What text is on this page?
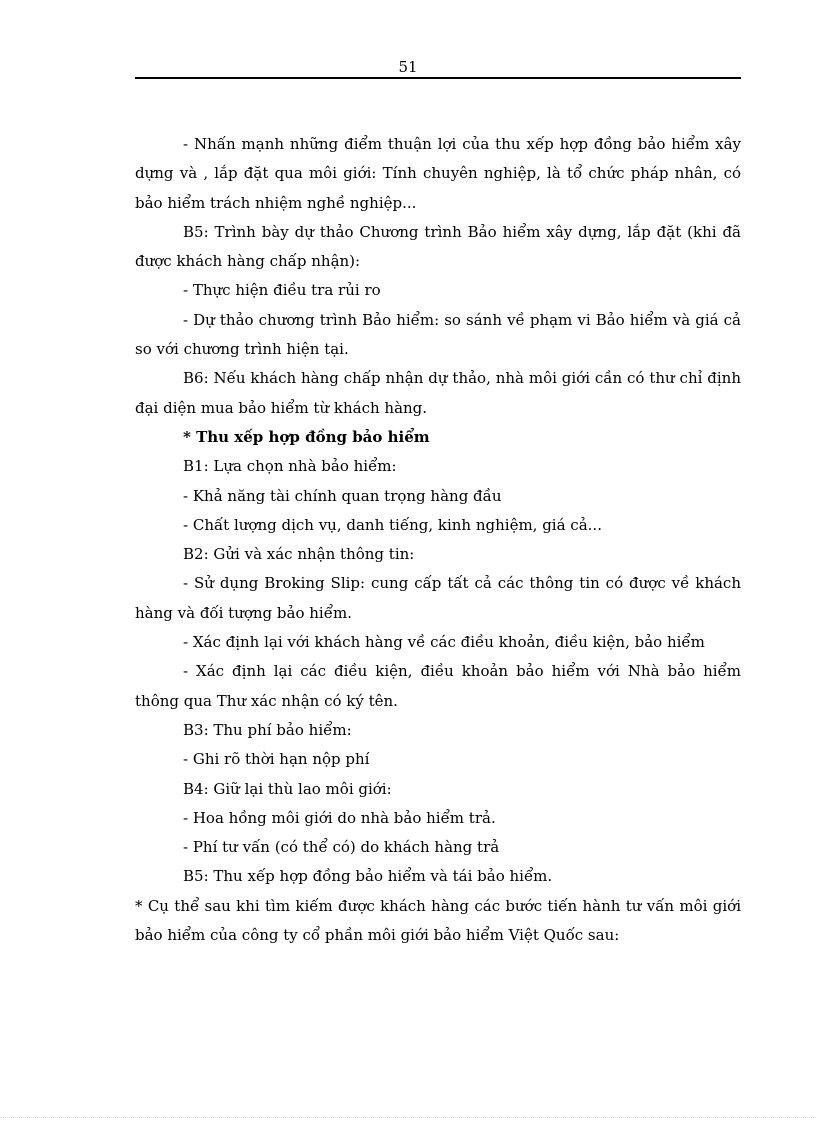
51

- Nhấn mạnh những điểm thuận lợi của thu xếp hợp đồng bảo hiểm xây dựng và , lắp đặt qua môi giới: Tính chuyên nghiệp, là tổ chức pháp nhân, có bảo hiểm trách nhiệm nghề nghiệp...

B5: Trình bày dự thảo Chương trình Bảo hiểm xây dựng, lắp đặt (khi đã được khách hàng chấp nhận):

- Thực hiện điều tra rủi ro

- Dự thảo chương trình Bảo hiểm: so sánh về phạm vi Bảo hiểm và giá cả so với chương trình hiện tại.

B6: Nếu khách hàng chấp nhận dự thảo, nhà môi giới cần có thư chỉ định đại diện mua bảo hiểm từ khách hàng.

* Thu xếp hợp đồng bảo hiểm

B1: Lựa chọn nhà bảo hiểm:

- Khả năng tài chính quan trọng hàng đầu

- Chất lượng dịch vụ, danh tiếng, kinh nghiệm, giá cả...

B2: Gửi và xác nhận thông tin:

- Sử dụng Broking Slip: cung cấp tất cả các thông tin có được về khách hàng và đối tượng bảo hiểm.

- Xác định lại với khách hàng về các điều khoản, điều kiện, bảo hiểm

- Xác định lại các điều kiện, điều khoản bảo hiểm với Nhà bảo hiểm thông qua Thư xác nhận có ký tên.

B3: Thu phí bảo hiểm:

- Ghi rõ thời hạn nộp phí

B4: Giữ lại thù lao môi giới:

- Hoa hồng môi giới do nhà bảo hiểm trả.

- Phí tư vấn (có thể có) do khách hàng trả

B5: Thu xếp hợp đồng bảo hiểm và tái bảo hiểm.

* Cụ thể sau khi tìm kiếm được khách hàng các bước tiến hành tư vấn môi giới bảo hiểm của công ty cổ phần môi giới bảo hiểm Việt Quốc sau:
